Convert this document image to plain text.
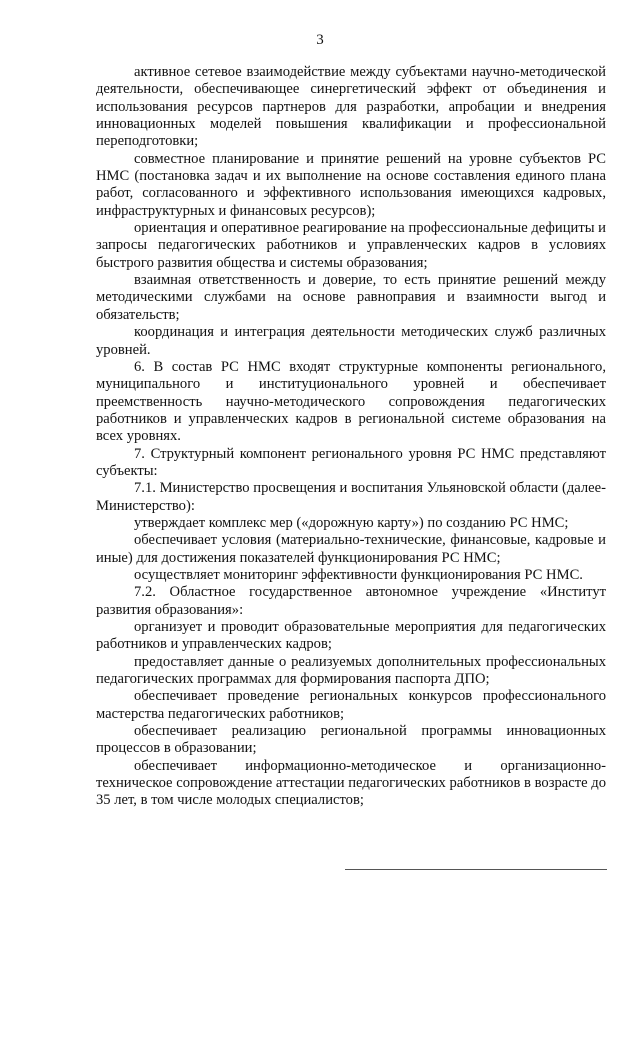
3

активное сетевое взаимодействие между субъектами научно-методической деятельности, обеспечивающее синергетический эффект от объединения и использования ресурсов партнеров для разработки, апробации и внедрения инновационных моделей повышения квалификации и профессиональной переподготовки;

совместное планирование и принятие решений на уровне субъектов РС НМС (постановка задач и их выполнение на основе составления единого плана работ, согласованного и эффективного использования имеющихся кадровых, инфраструктурных и финансовых ресурсов);

ориентация и оперативное реагирование на профессиональные дефициты и запросы педагогических работников и управленческих кадров в условиях быстрого развития общества и системы образования;

взаимная ответственность и доверие, то есть принятие решений между методическими службами на основе равноправия и взаимности выгод и обязательств;

координация и интеграция деятельности методических служб различных уровней.

6. В состав РС НМС входят структурные компоненты регионального, муниципального и институционального уровней и обеспечивает преемственность научно-методического сопровождения педагогических работников и управленческих кадров в региональной системе образования на всех уровнях.

7. Структурный компонент регионального уровня РС НМС представляют субъекты:

7.1. Министерство просвещения и воспитания Ульяновской области (далее-Министерство):

утверждает комплекс мер («дорожную карту») по созданию РС НМС;

обеспечивает условия (материально-технические, финансовые, кадровые и иные) для достижения показателей функционирования РС НМС;

осуществляет мониторинг эффективности функционирования РС НМС.

7.2. Областное государственное автономное учреждение «Институт развития образования»:

организует и проводит образовательные мероприятия для педагогических работников и управленческих кадров;

предоставляет данные о реализуемых дополнительных профессиональных педагогических программах для формирования паспорта ДПО;

обеспечивает проведение региональных конкурсов профессионального мастерства педагогических работников;

обеспечивает реализацию региональной программы инновационных процессов в образовании;

обеспечивает информационно-методическое и организационно-техническое сопровождение аттестации педагогических работников в возрасте до 35 лет, в том числе молодых специалистов;
